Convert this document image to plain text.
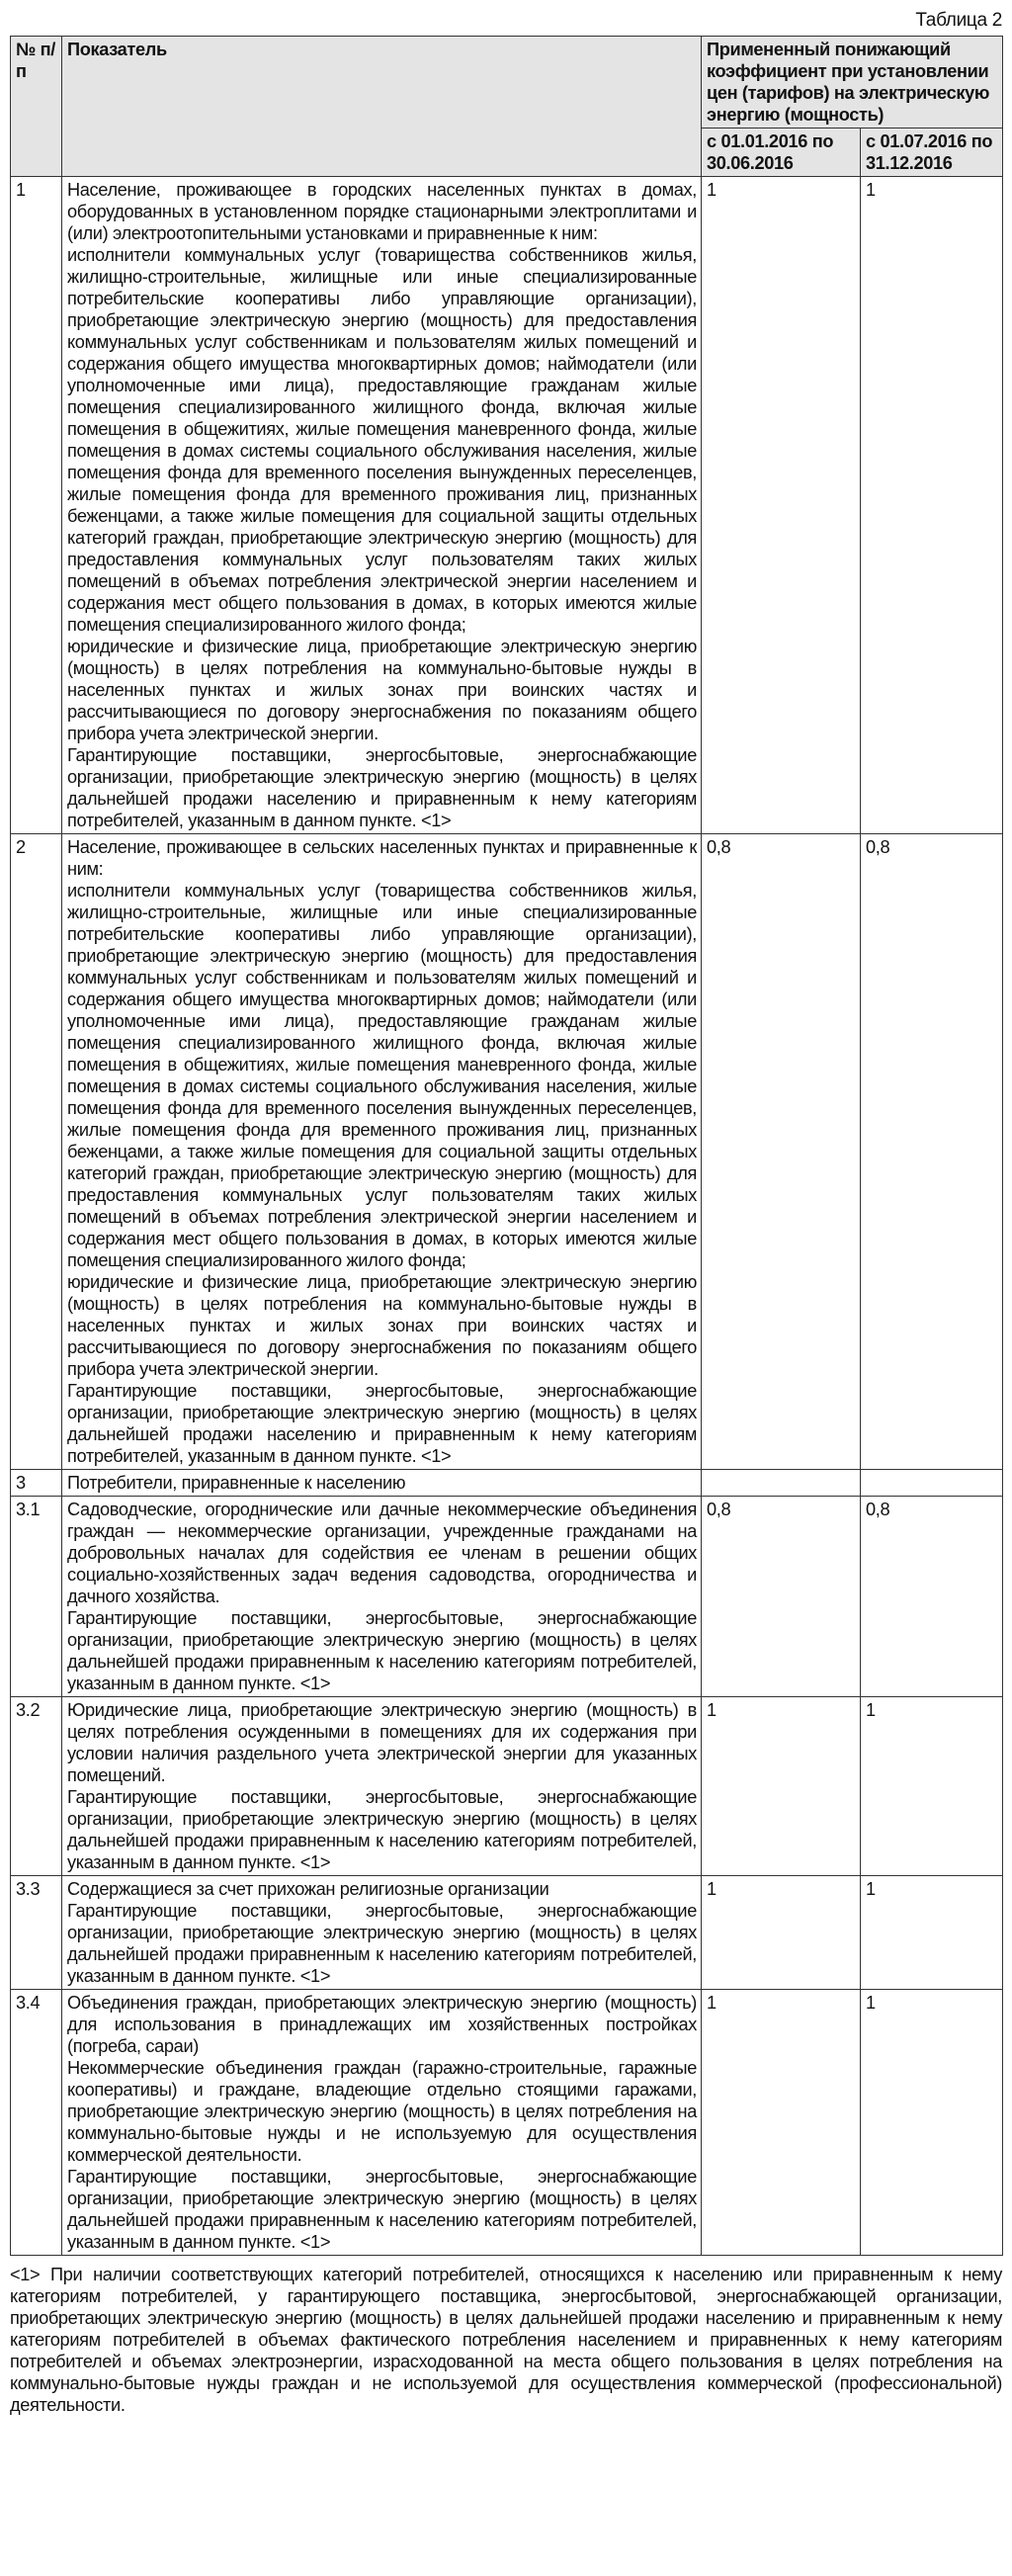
Таблица 2
№ п/п	Показатель	Примененный понижающий коэффициент при установлении цен (тарифов) на электрическую энергию (мощность)	
		с 01.01.2016 по 30.06.2016	с 01.07.2016 по 31.12.2016
1	Население, проживающее в городских населенных пунктах в домах, оборудованных в установленном порядке стационарными электроплитами и (или) электроотопительными установками и приравненные к ним:
исполнители коммунальных услуг (товарищества собственников жилья, жилищно-строительные, жилищные или иные специализированные потребительские кооперативы либо управляющие организации), приобретающие электрическую энергию (мощность) для предоставления коммунальных услуг собственникам и пользователям жилых помещений и содержания общего имущества многоквартирных домов; наймодатели (или уполномоченные ими лица), предоставляющие гражданам жилые помещения специализированного жилищного фонда, включая жилые помещения в общежитиях, жилые помещения маневренного фонда, жилые помещения в домах системы социального обслуживания населения, жилые помещения фонда для временного поселения вынужденных переселенцев, жилые помещения фонда для временного проживания лиц, признанных беженцами, а также жилые помещения для социальной защиты отдельных категорий граждан, приобретающие электрическую энергию (мощность) для предоставления коммунальных услуг пользователям таких жилых помещений в объемах потребления электрической энергии населением и содержания мест общего пользования в домах, в которых имеются жилые помещения специализированного жилого фонда;
юридические и физические лица, приобретающие электрическую энергию (мощность) в целях потребления на коммунально-бытовые нужды в населенных пунктах и жилых зонах при воинских частях и рассчитывающиеся по договору энергоснабжения по показаниям общего прибора учета электрической энергии.
Гарантирующие поставщики, энергосбытовые, энергоснабжающие организации, приобретающие электрическую энергию (мощность) в целях дальнейшей продажи населению и приравненным к нему категориям потребителей, указанным в данном пункте. <1>	1	1
2	Население, проживающее в сельских населенных пунктах и приравненные к ним:
исполнители коммунальных услуг (товарищества собственников жилья, жилищно-строительные, жилищные или иные специализированные потребительские кооперативы либо управляющие организации), приобретающие электрическую энергию (мощность) для предоставления коммунальных услуг собственникам и пользователям жилых помещений и содержания общего имущества многоквартирных домов; наймодатели (или уполномоченные ими лица), предоставляющие гражданам жилые помещения специализированного жилищного фонда, включая жилые помещения в общежитиях, жилые помещения маневренного фонда, жилые помещения в домах системы социального обслуживания населения, жилые помещения фонда для временного поселения вынужденных переселенцев, жилые помещения фонда для временного проживания лиц, признанных беженцами, а также жилые помещения для социальной защиты отдельных категорий граждан, приобретающие электрическую энергию (мощность) для предоставления коммунальных услуг пользователям таких жилых помещений в объемах потребления электрической энергии населением и содержания мест общего пользования в домах, в которых имеются жилые помещения специализированного жилого фонда;
юридические и физические лица, приобретающие электрическую энергию (мощность) в целях потребления на коммунально-бытовые нужды в населенных пунктах и жилых зонах при воинских частях и рассчитывающиеся по договору энергоснабжения по показаниям общего прибора учета электрической энергии.
Гарантирующие поставщики, энергосбытовые, энергоснабжающие организации, приобретающие электрическую энергию (мощность) в целях дальнейшей продажи населению и приравненным к нему категориям потребителей, указанным в данном пункте. <1>	0,8	0,8
3	Потребители, приравненные к населению		

3.1	Садоводческие, огороднические или дачные некоммерческие объединения граждан — некоммерческие организации, учрежденные гражданами на добровольных началах для содействия ее членам в решении общих социально-хозяйственных задач ведения садоводства, огородничества и дачного хозяйства.
Гарантирующие поставщики, энергосбытовые, энергоснабжающие организации, приобретающие электрическую энергию (мощность) в целях дальнейшей продажи приравненным к населению категориям потребителей, указанным в данном пункте. <1>	0,8	0,8
3.2	Юридические лица, приобретающие электрическую энергию (мощность) в целях потребления осужденными в помещениях для их содержания при условии наличия раздельного учета электрической энергии для указанных помещений.
Гарантирующие поставщики, энергосбытовые, энергоснабжающие организации, приобретающие электрическую энергию (мощность) в целях дальнейшей продажи приравненным к населению категориям потребителей, указанным в данном пункте. <1>	1	1
3.3	Содержащиеся за счет прихожан религиозные организации
Гарантирующие поставщики, энергосбытовые, энергоснабжающие организации, приобретающие электрическую энергию (мощность) в целях дальнейшей продажи приравненным к населению категориям потребителей, указанным в данном пункте. <1>	1	1
3.4	Объединения граждан, приобретающих электрическую энергию (мощность) для использования в принадлежащих им хозяйственных постройках (погреба, сараи)
Некоммерческие объединения граждан (гаражно-строительные, гаражные кооперативы) и граждане, владеющие отдельно стоящими гаражами, приобретающие электрическую энергию (мощность) в целях потребления на коммунально-бытовые нужды и не используемую для осуществления коммерческой деятельности.
Гарантирующие поставщики, энергосбытовые, энергоснабжающие организации, приобретающие электрическую энергию (мощность) в целях дальнейшей продажи приравненным к населению категориям потребителей, указанным в данном пункте. <1>	1	1
<1> При наличии соответствующих категорий потребителей, относящихся к населению или приравненным к нему категориям потребителей, у гарантирующего поставщика, энергосбытовой, энергоснабжающей организации, приобретающих электрическую энергию (мощность) в целях дальнейшей продажи населению и приравненным к нему категориям потребителей в объемах фактического потребления населением и приравненных к нему категориям потребителей и объемах электроэнергии, израсходованной на места общего пользования в целях потребления на коммунально-бытовые нужды граждан и не используемой для осуществления коммерческой (профессиональной) деятельности.
